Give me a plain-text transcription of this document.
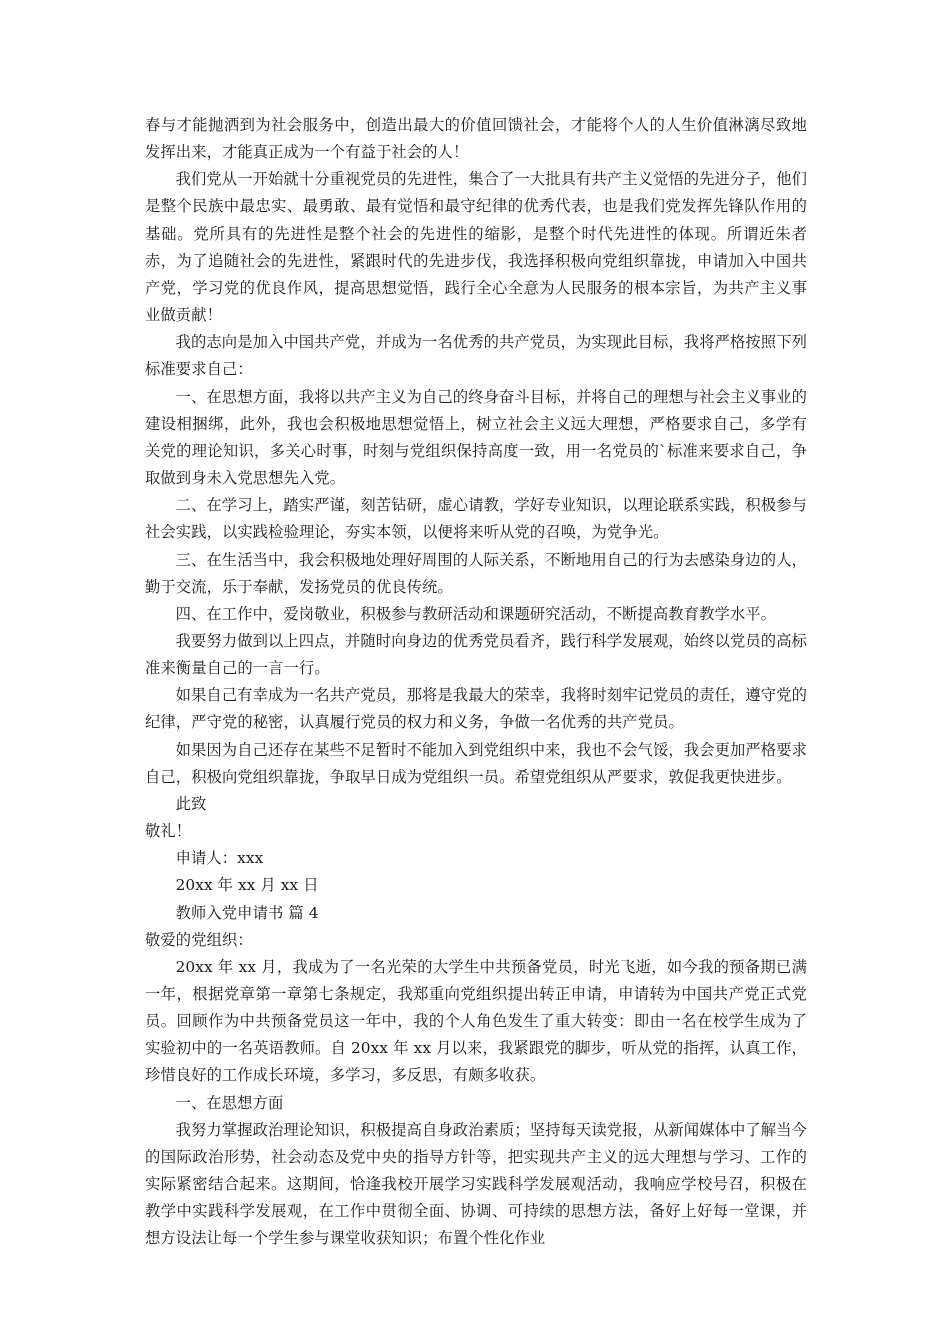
春与才能抛洒到为社会服务中，创造出最大的价值回馈社会，才能将个人的人生价值淋漓尽致地发挥出来，才能真正成为一个有益于社会的人！

我们党从一开始就十分重视党员的先进性，集合了一大批具有共产主义觉悟的先进分子，他们是整个民族中最忠实、最勇敢、最有觉悟和最守纪律的优秀代表，也是我们党发挥先锋队作用的基础。党所具有的先进性是整个社会的先进性的缩影，是整个时代先进性的体现。所谓近朱者赤，为了追随社会的先进性，紧跟时代的先进步伐，我选择积极向党组织靠拢，申请加入中国共产党，学习党的优良作风，提高思想觉悟，践行全心全意为人民服务的根本宗旨，为共产主义事业做贡献！

我的志向是加入中国共产党，并成为一名优秀的共产党员，为实现此目标，我将严格按照下列标准要求自己：

一、在思想方面，我将以共产主义为自己的终身奋斗目标，并将自己的理想与社会主义事业的建设相捆绑，此外，我也会积极地思想觉悟上，树立社会主义远大理想，严格要求自己，多学有关党的理论知识，多关心时事，时刻与党组织保持高度一致，用一名党员的`标准来要求自己，争取做到身未入党思想先入党。

二、在学习上，踏实严谨，刻苦钻研，虚心请教，学好专业知识，以理论联系实践，积极参与社会实践，以实践检验理论，夯实本领，以便将来听从党的召唤，为党争光。

三、在生活当中，我会积极地处理好周围的人际关系，不断地用自己的行为去感染身边的人，勤于交流，乐于奉献，发扬党员的优良传统。

四、在工作中，爱岗敬业，积极参与教研活动和课题研究活动，不断提高教育教学水平。

我要努力做到以上四点，并随时向身边的优秀党员看齐，践行科学发展观，始终以党员的高标准来衡量自己的一言一行。

如果自己有幸成为一名共产党员，那将是我最大的荣幸，我将时刻牢记党员的责任，遵守党的纪律，严守党的秘密，认真履行党员的权力和义务，争做一名优秀的共产党员。

如果因为自己还存在某些不足暂时不能加入到党组织中来，我也不会气馁，我会更加严格要求自己，积极向党组织靠拢，争取早日成为党组织一员。希望党组织从严要求，敦促我更快进步。

此致

敬礼！

申请人：xxx

20xx 年 xx 月 xx 日

教师入党申请书 篇 4

敬爱的党组织：

20xx 年 xx 月，我成为了一名光荣的大学生中共预备党员，时光飞逝，如今我的预备期已满一年，根据党章第一章第七条规定，我郑重向党组织提出转正申请，申请转为中国共产党正式党员。回顾作为中共预备党员这一年中，我的个人角色发生了重大转变：即由一名在校学生成为了实验初中的一名英语教师。自 20xx 年 xx 月以来，我紧跟党的脚步，听从党的指挥，认真工作，珍惜良好的工作成长环境，多学习，多反思，有颇多收获。

一、在思想方面

我努力掌握政治理论知识，积极提高自身政治素质；坚持每天读党报，从新闻媒体中了解当今的国际政治形势，社会动态及党中央的指导方针等，把实现共产主义的远大理想与学习、工作的实际紧密结合起来。这期间，恰逢我校开展学习实践科学发展观活动，我响应学校号召，积极在教学中实践科学发展观，在工作中贯彻全面、协调、可持续的思想方法，备好上好每一堂课，并想方设法让每一个学生参与课堂收获知识；布置个性化作业
